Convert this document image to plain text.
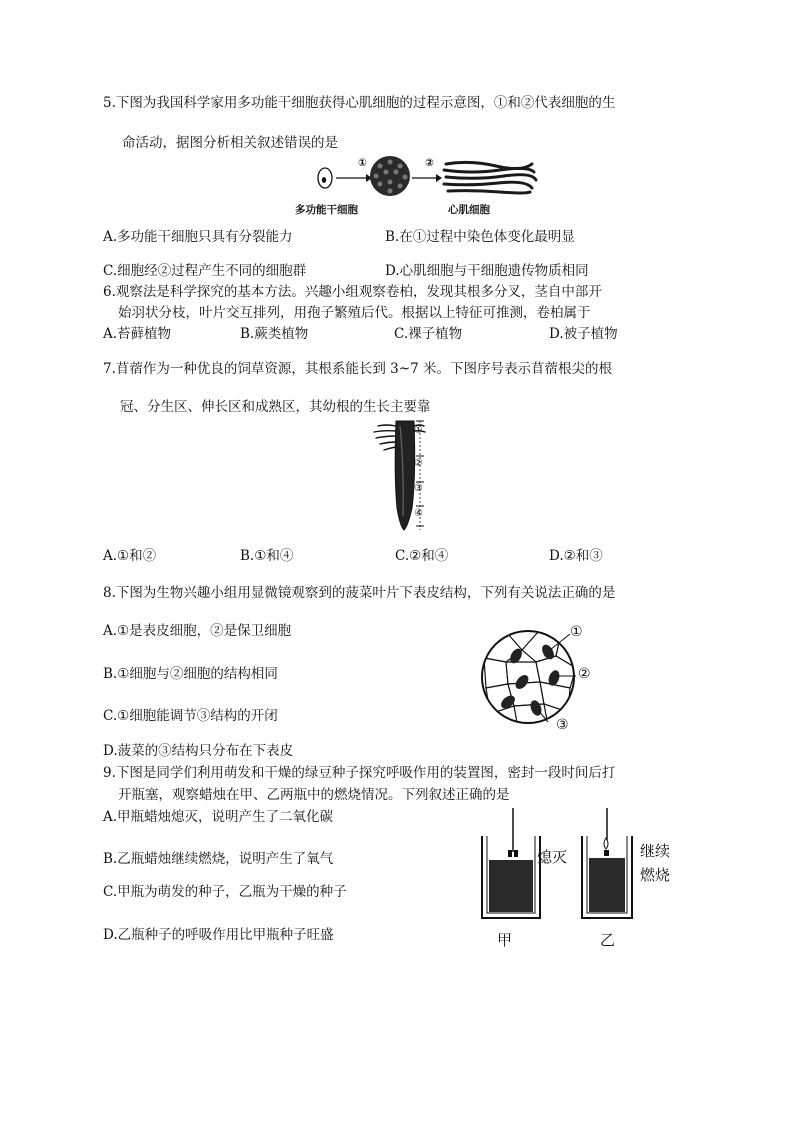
5.下图为我国科学家用多功能干细胞获得心肌细胞的过程示意图，①和②代表细胞的生
命活动，据图分析相关叙述错误的是
①	②
多功能干细胞	心肌细胞
A.多功能干细胞只具有分裂能力	B.在①过程中染色体变化最明显
C.细胞经②过程产生不同的细胞群	D.心肌细胞与干细胞遗传物质相同
6.观察法是科学探究的基本方法。兴趣小组观察卷柏，发现其根多分叉，茎自中部开
始羽状分枝，叶片交互排列，用孢子繁殖后代。根据以上特征可推测，卷柏属于
A.苔藓植物	B.蕨类植物	C.裸子植物	D.被子植物
7.苜蓿作为一种优良的饲草资源，其根系能长到 3~7 米。下图序号表示苜蓿根尖的根
冠、分生区、伸长区和成熟区，其幼根的生长主要靠
①
②
③
④
A.①和②	B.①和④	C.②和④	D.②和③
8.下图为生物兴趣小组用显微镜观察到的菠菜叶片下表皮结构，下列有关说法正确的是
①
②
③
A.①是表皮细胞，②是保卫细胞
B.①细胞与②细胞的结构相同
C.①细胞能调节③结构的开闭
D.菠菜的③结构只分布在下表皮
9.下图是同学们利用萌发和干燥的绿豆种子探究呼吸作用的装置图，密封一段时间后打
开瓶塞，观察蜡烛在甲、乙两瓶中的燃烧情况。下列叙述正确的是
熄灭	继续
燃烧
甲	乙
A.甲瓶蜡烛熄灭，说明产生了二氧化碳
B.乙瓶蜡烛继续燃烧，说明产生了氧气
C.甲瓶为萌发的种子，乙瓶为干燥的种子
D.乙瓶种子的呼吸作用比甲瓶种子旺盛
